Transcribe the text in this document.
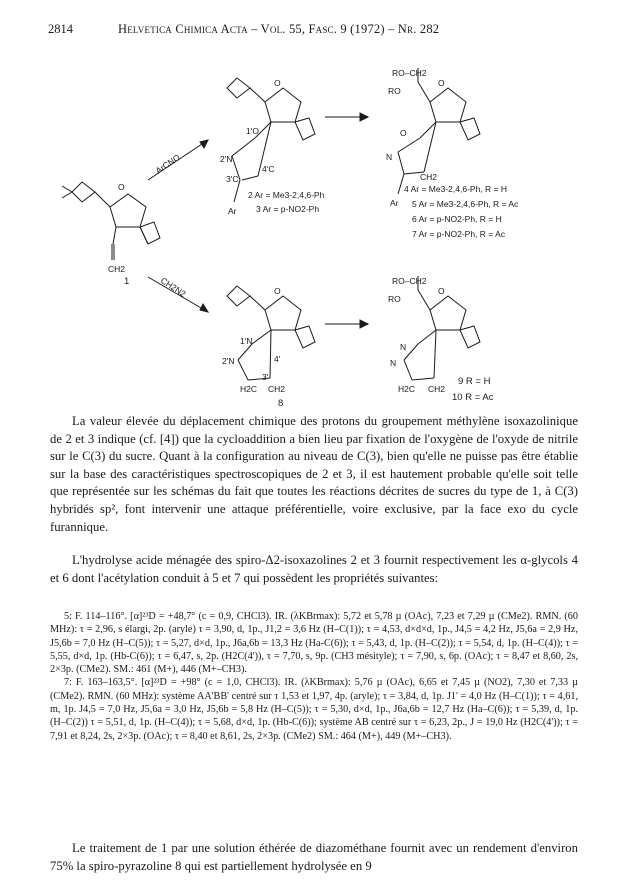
2814	Helvetica Chimica Acta – Vol. 55, Fasc. 9 (1972) – Nr. 282
O
CH2
1
ArCNO
CH2N2
O
1'O
2'N
3'C
4'C
Ar
2 Ar = Me3-2,4,6-Ph
3 Ar = p-NO2-Ph
RO–CH2
RO
O
O
N
CH2
Ar
4 Ar = Me3-2,4,6-Ph, R = H
5 Ar = Me3-2,4,6-Ph, R = Ac
6 Ar = p-NO2-Ph, R = H
7 Ar = p-NO2-Ph, R = Ac
O
1'N
2'N
H2C
3'
4'
CH2
8
RO–CH2
RO
O
N
N
H2C CH2
9 R = H
10 R = Ac

La valeur élevée du déplacement chimique des protons du groupement méthylène isoxazolinique de 2 et 3 indique (cf. [4]) que la cycloaddition a bien lieu par fixation de l'oxygène de l'oxyde de nitrile sur le C(3) du sucre. Quant à la configuration au niveau de C(3), bien qu'elle ne puisse pas être établie sur la base des caractéristiques spectroscopiques de 2 et 3, il est hautement probable qu'elle soit telle que représentée sur les schémas du fait que toutes les réactions décrites de sucres du type de 1, à C(3) hybridés sp², font intervenir une attaque préférentielle, voire exclusive, par la face exo du cycle furannique.

L'hydrolyse acide ménagée des spiro-Δ2-isoxazolines 2 et 3 fournit respectivement les α-glycols 4 et 6 dont l'acétylation conduit à 5 et 7 qui possèdent les propriétés suivantes:

5: F. 114–116°. [α]²³D = +48,7° (c = 0,9, CHCl3). IR. (λKBrmax): 5,72 et 5,78 µ (OAc), 7,23 et 7,29 µ (CMe2). RMN. (60 MHz): τ = 2,96, s élargi, 2p. (aryle) τ = 3,90, d, 1p., J1,2 = 3,6 Hz (H–C(1)); τ = 4,53, d×d×d, 1p., J4,5 = 4,2 Hz, J5,6a = 2,9 Hz, J5,6b = 7,0 Hz (H–C(5)); τ = 5,27, d×d, 1p., J6a,6b = 13,3 Hz (Ha-C(6)); τ = 5,43, d, 1p. (H–C(2)); τ = 5,54, d, 1p. (H–C(4)); τ = 5,55, d×d, 1p. (Hb-C(6)); τ = 6,47, s, 2p. (H2C(4')), τ = 7,70, s, 9p. (CH3 mésityle); τ = 7,90, s, 6p. (OAc); τ = 8,47 et 8,60, 2s, 2×3p. (CMe2). SM.: 461 (M+), 446 (M+–CH3).

7: F. 163–163,5°. [α]²³D = +98° (c = 1,0, CHCl3). IR. (λKBrmax): 5,76 µ (OAc), 6,65 et 7,45 µ (NO2), 7,30 et 7,33 µ (CMe2). RMN. (60 MHz): système AA'BB' centré sur τ 1,53 et 1,97, 4p. (aryle); τ = 3,84, d, 1p. J1' = 4,0 Hz (H–C(1)); τ = 4,61, m, 1p. J4,5 = 7,0 Hz, J5,6a = 3,0 Hz, J5,6b = 5,8 Hz (H–C(5)); τ = 5,30, d×d, 1p., J6a,6b = 12,7 Hz (Ha–C(6)); τ = 5,39, d, 1p. (H–C(2)) τ = 5,51, d, 1p. (H–C(4)); τ = 5,68, d×d, 1p. (Hb-C(6)); système AB centré sur τ = 6,23, 2p., J = 19,0 Hz (H2C(4')); τ = 7,91 et 8,24, 2s, 2×3p. (OAc); τ = 8,40 et 8,61, 2s, 2×3p. (CMe2) SM.: 464 (M+), 449 (M+–CH3).

Le traitement de 1 par une solution éthérée de diazométhane fournit avec un rendement d'environ 75% la spiro-pyrazoline 8 qui est partiellement hydrolysée en 9
